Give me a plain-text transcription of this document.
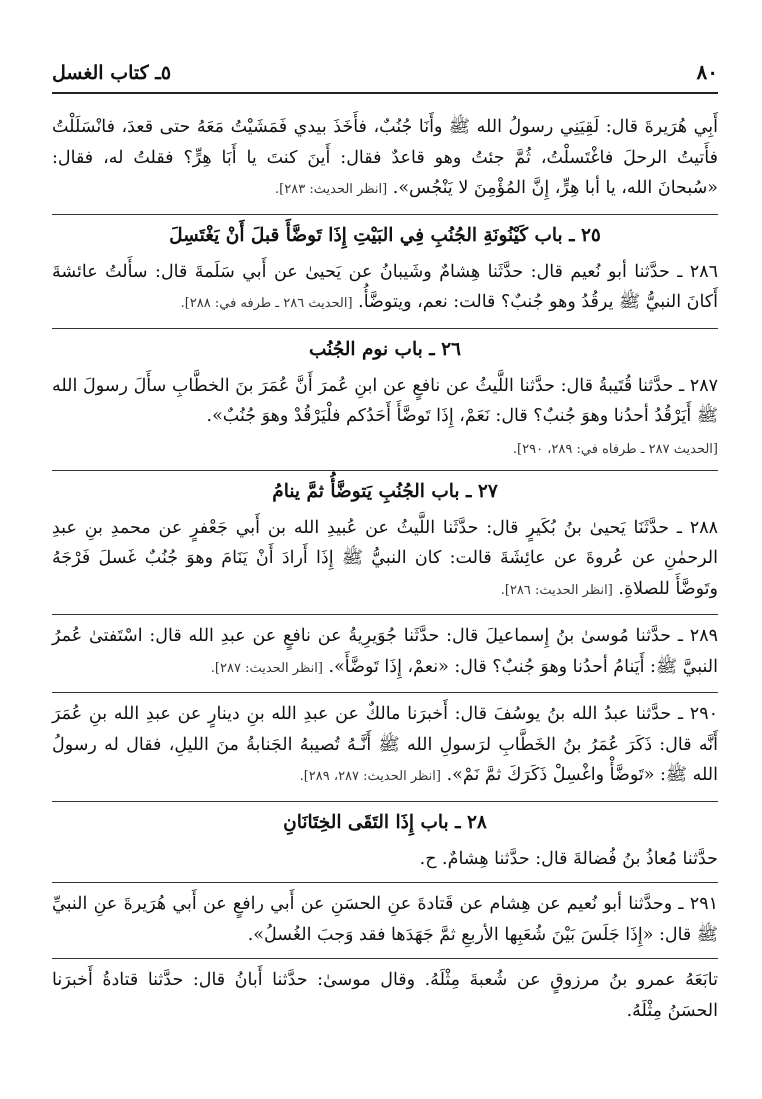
٨٠
٥ـ كتاب الغسل

أَبِي هُرَيرةَ قال: لَقِيَنِي رسولُ الله ﷺ وأَنَا جُنُبٌ، فأَخَذَ بيدي فَمَشَيْتُ مَعَهُ حتى قعدَ، فانْسَلَلْتُ فأَتيتُ الرحلَ فاغْتَسلْتُ، ثُمَّ جئتُ وهو قاعدٌ فقال: أَينَ كنتَ يا أَبَا هِرٍّ؟ فقلتُ له، فقال: «سُبحانَ الله، يا أبا هِرٍّ، إِنَّ المُؤْمِنَ لا يَنْجُس». [انظر الحديث: ٢٨٣].

٢٥ ـ باب كَيْنُونَةِ الجُنُبِ فِي البَيْتِ إِذَا تَوضَّأَ قبلَ أَنْ يَغْتَسِلَ

٢٨٦ ـ حدَّثنا أبو نُعيم قال: حدَّثَنا هِشامٌ وشَيبانُ عن يَحيىٰ عن أَبي سَلَمةَ قال: سأَلتُ عائشةَ أَكانَ النبيُّ ﷺ يرقُدُ وهو جُنبٌ؟ قالت: نعم، ويتوضَّأُ. [الحديث ٢٨٦ ـ طرفه في: ٢٨٨].

٢٦ ـ باب نوم الجُنُب

٢٨٧ ـ حدَّثنا قُتَيبةُ قال: حدَّثنا اللَّيثُ عن نافعٍ عن ابنِ عُمرَ أَنَّ عُمَرَ بنَ الخطَّابِ سأَلَ رسولَ الله ﷺ أَيَرْقُدُ أحدُنا وهوَ جُنبٌ؟ قال: نَعَمْ، إِذَا تَوضَّأَ أَحَدُكم فلْيَرْقُدْ وهوَ جُنُبٌ».

[الحديث ٢٨٧ ـ طرفاه في: ٢٨٩، ٢٩٠].

٢٧ ـ باب الجُنُبِ يَتوضَّأُ ثمَّ ينامُ

٢٨٨ ـ حدَّثَنَا يَحيىٰ بنُ بُكَيرٍ قال: حدَّثَنا اللَّيثُ عن عُبيدِ الله بن أَبي جَعْفرٍ عن محمدِ بنِ عبدِ الرحمٰنِ عن عُروةَ عن عائِشَةَ قالت: كان النبيُّ ﷺ إِذَا أَرادَ أَنْ يَنَامَ وهوَ جُنُبٌ غَسلَ فَرْجَهُ وتَوضَّأَ للصلاةِ. [انظر الحديث: ٢٨٦].

٢٨٩ ـ حدَّثنا مُوسىٰ بنُ إِسماعيلَ قال: حدَّثَنا جُوَيرِيةُ عن نافعٍ عن عبدِ الله قال: اسْتَفتىٰ عُمرُ النبيَّ ﷺ: أَيَنامُ أحدُنا وهوَ جُنبٌ؟ قال: «نعمْ، إِذَا تَوضَّأَ». [انظر الحديث: ٢٨٧].

٢٩٠ ـ حدَّثنا عبدُ الله بنُ يوسُفَ قال: أَخبرَنا مالكٌ عن عبدِ الله بنِ دينارٍ عن عبدِ الله بنِ عُمَرَ أَنَّه قال: ذَكَرَ عُمَرُ بنُ الخَطَّابِ لرَسولِ الله ﷺ أَنَّـهُ تُصيبهُ الجَنابةُ منَ الليلِ، فقال له رسولُ الله ﷺ: «تَوضَّأْ واغْسِلْ ذَكَرَكَ ثمَّ نَمْ». [انظر الحديث: ٢٨٧، ٢٨٩].

٢٨ ـ باب إِذَا التَقَى الخِتَانَانِ

حدَّثنا مُعاذُ بنُ فُضالةَ قال: حدَّثنا هِشامٌ. ح.

٢٩١ ـ وحدَّثنا أبو نُعيم عن هِشام عن قَتادةَ عنِ الحسَنِ عن أَبي رافعٍ عن أَبي هُرَيرةَ عنِ النبيِّ ﷺ قال: «إِذَا جَلَسَ بَيْنَ شُعَبِها الأربعِ ثمَّ جَهَدَها فقد وَجبَ الغُسلُ».

تابَعَهُ عمرو بنُ مرزوقٍ عن شُعبةَ مِثْلَهُ. وقال موسىٰ: حدَّثنا أَبانُ قال: حدَّثنا قتادةُ أَخبرَنا الحسَنُ مِثْلَهُ.
